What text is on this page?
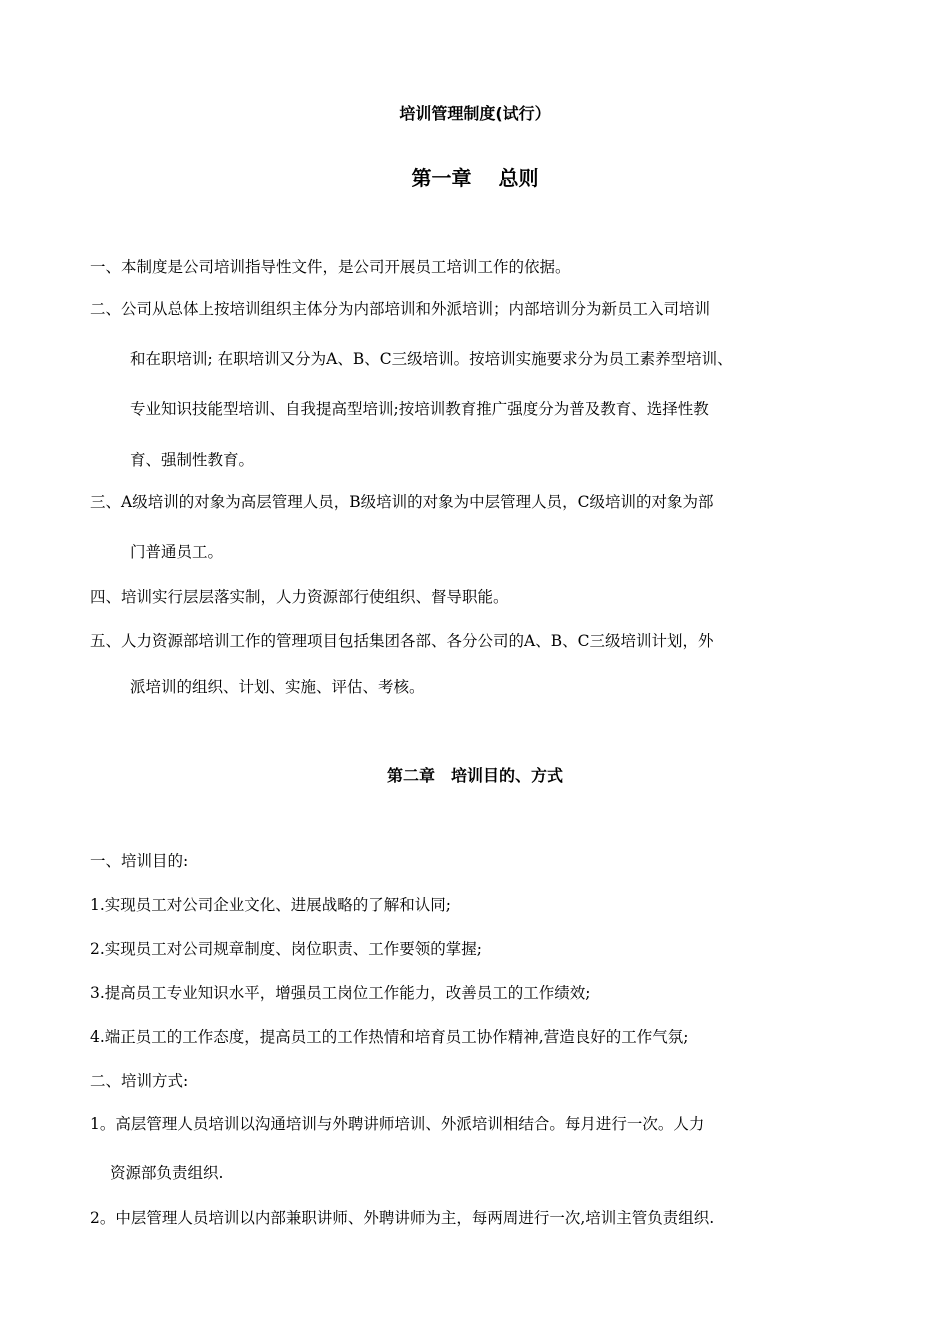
培训管理制度(试行）
第一章　 总则
一、本制度是公司培训指导性文件，是公司开展员工培训工作的依据。
二、公司从总体上按培训组织主体分为内部培训和外派培训；内部培训分为新员工入司培训
和在职培训; 在职培训又分为A、B、C三级培训。按培训实施要求分为员工素养型培训、
专业知识技能型培训、自我提高型培训;按培训教育推广强度分为普及教育、选择性教
育、强制性教育。
三、A级培训的对象为高层管理人员，B级培训的对象为中层管理人员，C级培训的对象为部
门普通员工。
四、培训实行层层落实制，人力资源部行使组织、督导职能。
五、人力资源部培训工作的管理项目包括集团各部、各分公司的A、B、C三级培训计划，外
派培训的组织、计划、实施、评估、考核。
第二章　培训目的、方式
一、培训目的:
1.实现员工对公司企业文化、进展战略的了解和认同;
2.实现员工对公司规章制度、岗位职责、工作要领的掌握;
3.提高员工专业知识水平，增强员工岗位工作能力，改善员工的工作绩效;
4.端正员工的工作态度，提高员工的工作热情和培育员工协作精神,营造良好的工作气氛;
二、培训方式:
1。高层管理人员培训以沟通培训与外聘讲师培训、外派培训相结合。每月进行一次。人力
资源部负责组织.
2。中层管理人员培训以内部兼职讲师、外聘讲师为主，每两周进行一次,培训主管负责组织.
